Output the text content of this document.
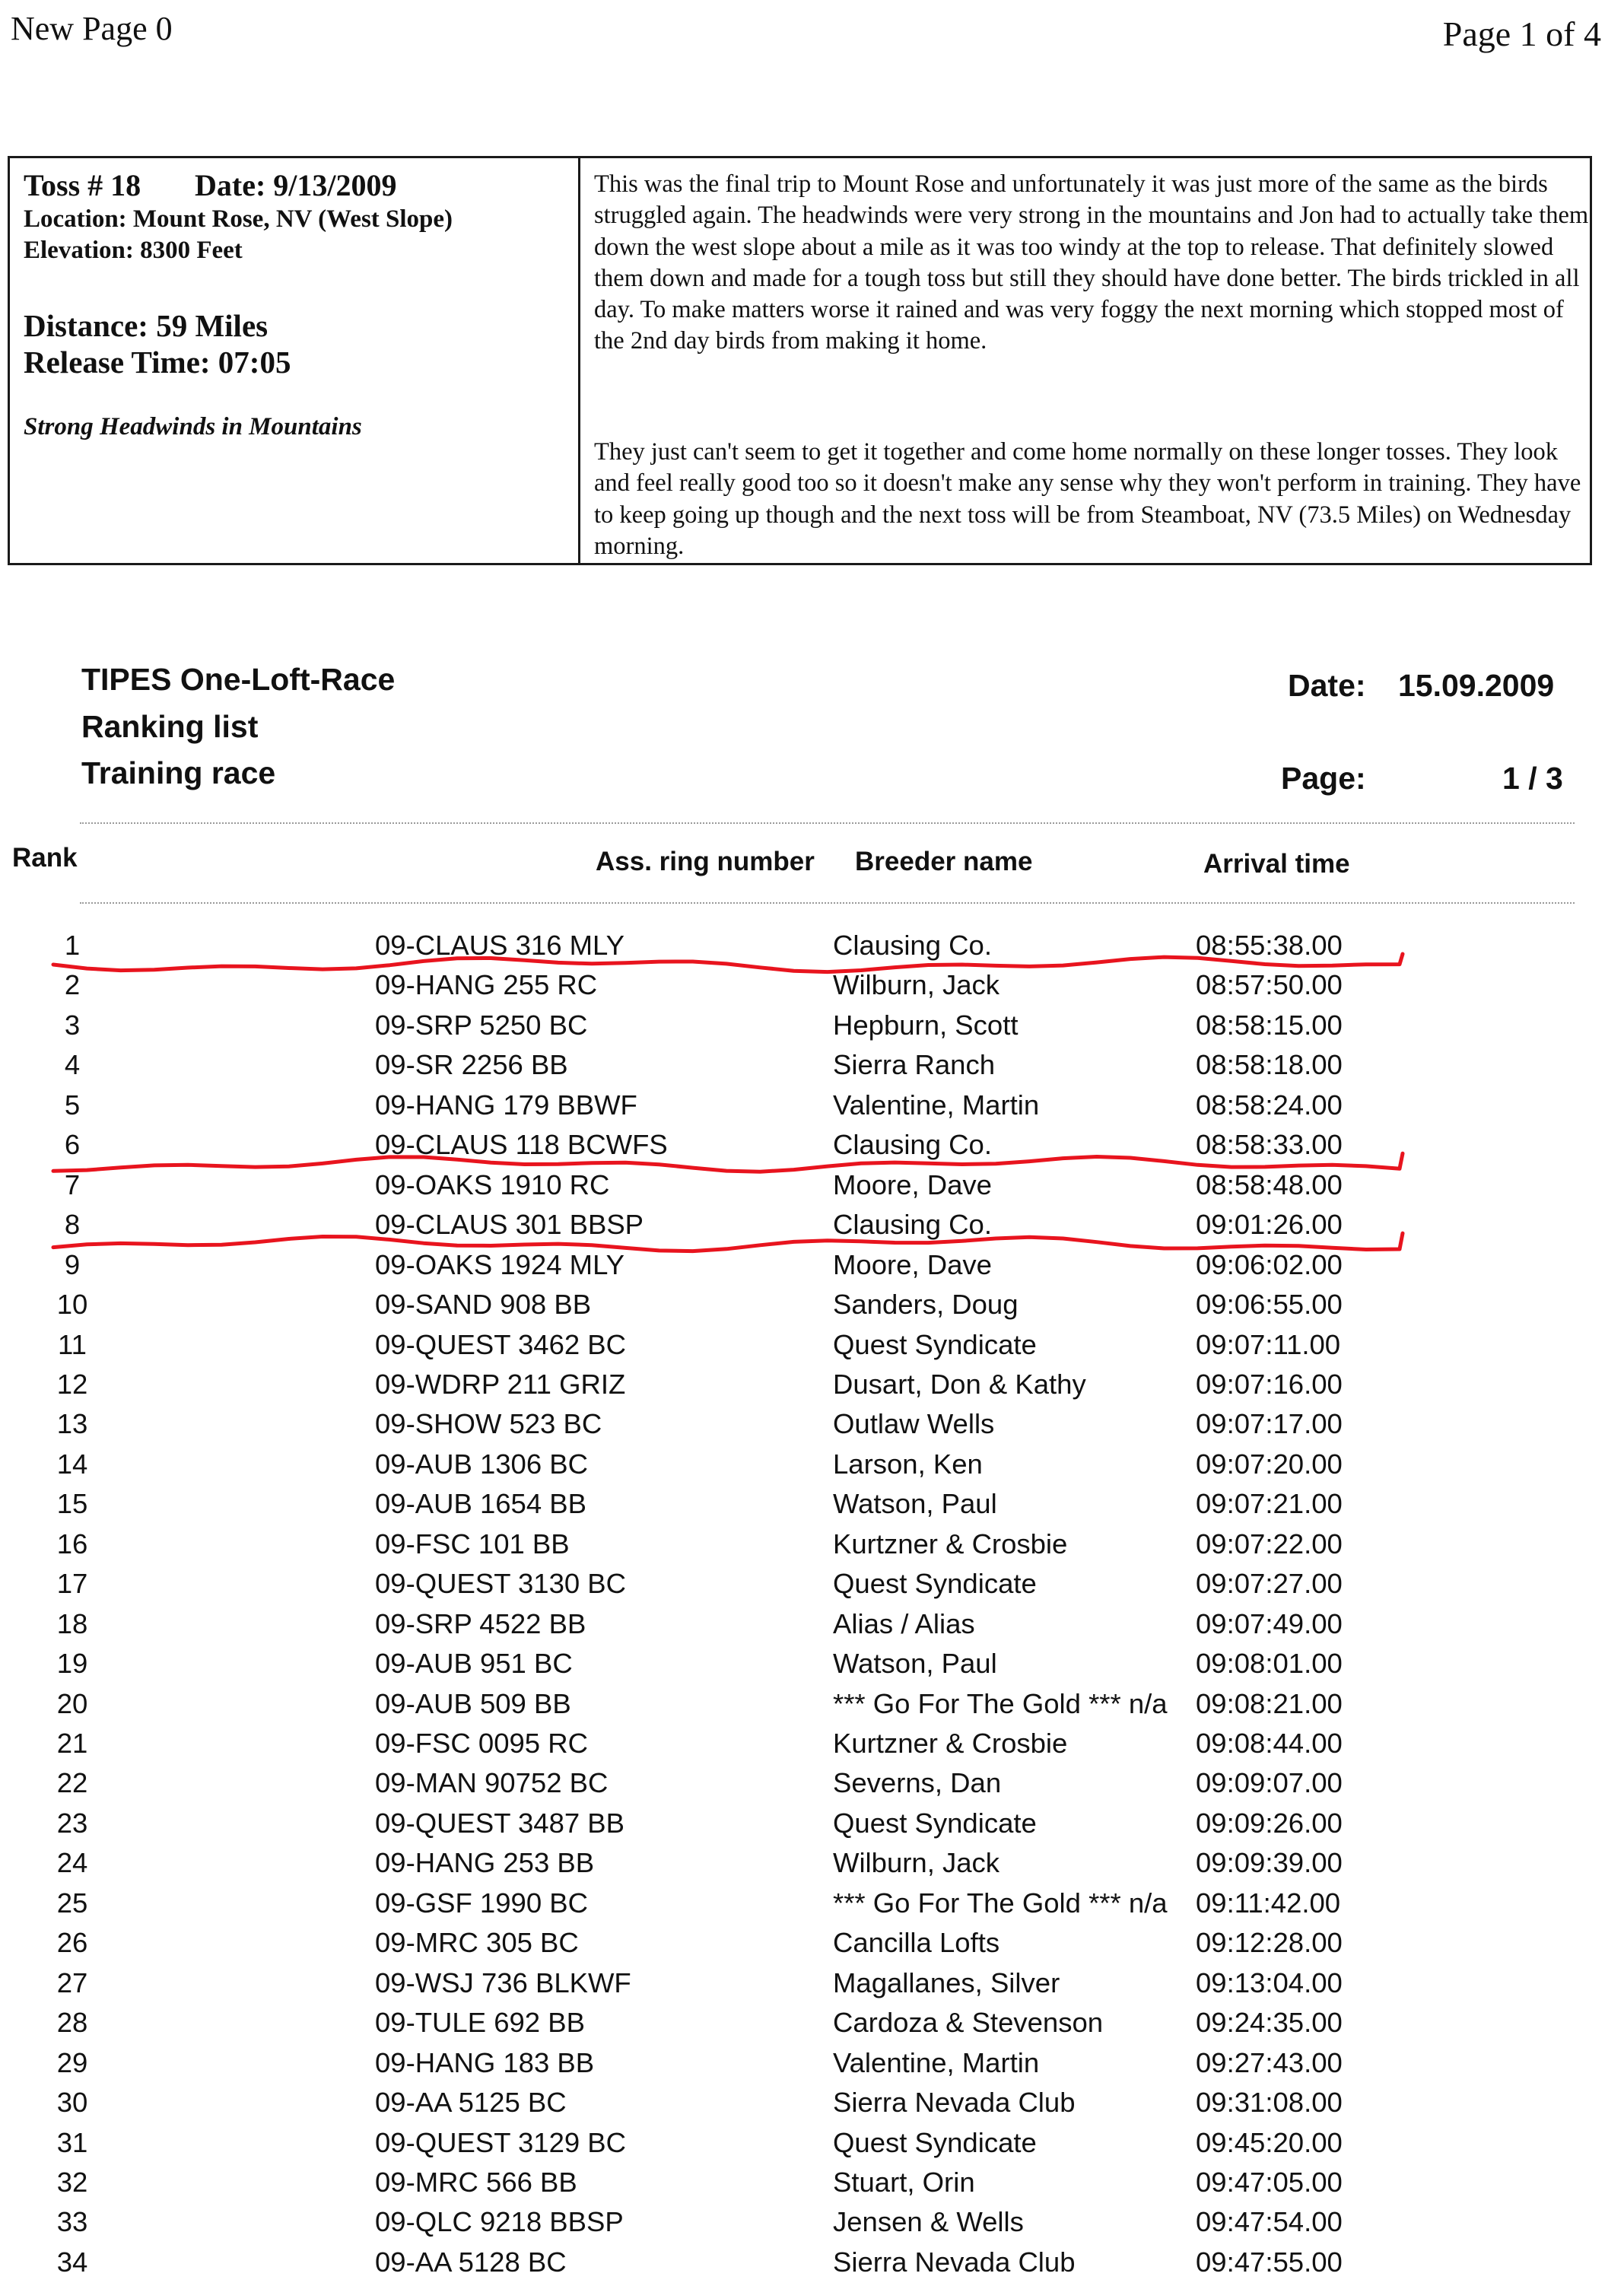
New Page 0	Page 1 of 4
Toss # 18 Date: 9/13/2009
Location: Mount Rose, NV (West Slope)
Elevation: 8300 Feet
Distance: 59 Miles
Release Time: 07:05
Strong Headwinds in Mountains
This was the final trip to Mount Rose and unfortunately it was just more of the same as the birds struggled again. The headwinds were very strong in the mountains and Jon had to actually take them down the west slope about a mile as it was too windy at the top to release. That definitely slowed them down and made for a tough toss but still they should have done better. The birds trickled in all day. To make matters worse it rained and was very foggy the next morning which stopped most of the 2nd day birds from making it home.
They just can't seem to get it together and come home normally on these longer tosses. They look and feel really good too so it doesn't make any sense why they won't perform in training. They have to keep going up though and the next toss will be from Steamboat, NV (73.5 Miles) on Wednesday morning.
TIPES One-Loft-Race
Ranking list
Training race
Date: 15.09.2009
Page:	1 / 3
Rank	Ass. ring number Breeder name	Arrival time
1	09-CLAUS 316 MLY	Clausing Co.	08:55:38.00
2	09-HANG 255 RC	Wilburn, Jack	08:57:50.00
3	09-SRP 5250 BC	Hepburn, Scott	08:58:15.00
4	09-SR 2256 BB	Sierra Ranch	08:58:18.00
5	09-HANG 179 BBWF	Valentine, Martin	08:58:24.00
6	09-CLAUS 118 BCWFS	Clausing Co.	08:58:33.00
7	09-OAKS 1910 RC	Moore, Dave	08:58:48.00
8	09-CLAUS 301 BBSP	Clausing Co.	09:01:26.00
9	09-OAKS 1924 MLY	Moore, Dave	09:06:02.00
10	09-SAND 908 BB	Sanders, Doug	09:06:55.00
11	09-QUEST 3462 BC	Quest Syndicate	09:07:11.00
12	09-WDRP 211 GRIZ	Dusart, Don & Kathy	09:07:16.00
13	09-SHOW 523 BC	Outlaw Wells	09:07:17.00
14	09-AUB 1306 BC	Larson, Ken	09:07:20.00
15	09-AUB 1654 BB	Watson, Paul	09:07:21.00
16	09-FSC 101 BB	Kurtzner & Crosbie	09:07:22.00
17	09-QUEST 3130 BC	Quest Syndicate	09:07:27.00
18	09-SRP 4522 BB	Alias / Alias	09:07:49.00
19	09-AUB 951 BC	Watson, Paul	09:08:01.00
20	09-AUB 509 BB	*** Go For The Gold *** n/a 09:08:21.00
21	09-FSC 0095 RC	Kurtzner & Crosbie	09:08:44.00
22	09-MAN 90752 BC	Severns, Dan	09:09:07.00
23	09-QUEST 3487 BB	Quest Syndicate	09:09:26.00
24	09-HANG 253 BB	Wilburn, Jack	09:09:39.00
25	09-GSF 1990 BC	*** Go For The Gold *** n/a 09:11:42.00
26	09-MRC 305 BC	Cancilla Lofts	09:12:28.00
27	09-WSJ 736 BLKWF	Magallanes, Silver	09:13:04.00
28	09-TULE 692 BB	Cardoza & Stevenson	09:24:35.00
29	09-HANG 183 BB	Valentine, Martin	09:27:43.00
30	09-AA 5125 BC	Sierra Nevada Club	09:31:08.00
31	09-QUEST 3129 BC	Quest Syndicate	09:45:20.00
32	09-MRC 566 BB	Stuart, Orin	09:47:05.00
33	09-QLC 9218 BBSP	Jensen & Wells	09:47:54.00
34	09-AA 5128 BC	Sierra Nevada Club	09:47:55.00
